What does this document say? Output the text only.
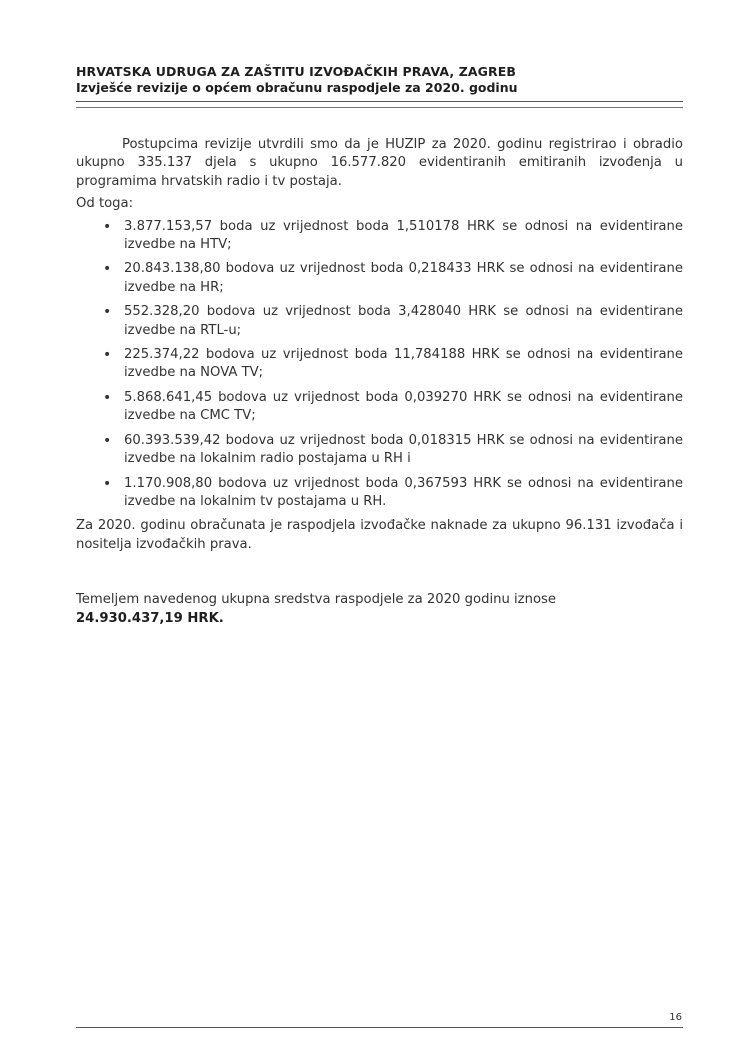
HRVATSKA UDRUGA ZA ZAŠTITU IZVOĐAČKIH PRAVA, ZAGREB
Izvješće revizije o općem obračunu raspodjele za 2020. godinu

Postupcima revizije utvrdili smo da je HUZIP za 2020. godinu registrirao i obradio ukupno 335.137 djela s ukupno 16.577.820 evidentiranih emitiranih izvođenja u programima hrvatskih radio i tv postaja.

Od toga:

• 3.877.153,57 boda uz vrijednost boda 1,510178 HRK se odnosi na evidentirane izvedbe na HTV;
• 20.843.138,80 bodova uz vrijednost boda 0,218433 HRK se odnosi na evidentirane izvedbe na HR;
• 552.328,20 bodova uz vrijednost boda 3,428040 HRK se odnosi na evidentirane izvedbe na RTL-u;
• 225.374,22 bodova uz vrijednost boda 11,784188 HRK se odnosi na evidentirane izvedbe na NOVA TV;
• 5.868.641,45 bodova uz vrijednost boda 0,039270 HRK se odnosi na evidentirane izvedbe na CMC TV;
• 60.393.539,42 bodova uz vrijednost boda 0,018315 HRK se odnosi na evidentirane izvedbe na lokalnim radio postajama u RH i
• 1.170.908,80 bodova uz vrijednost boda 0,367593 HRK se odnosi na evidentirane izvedbe na lokalnim tv postajama u RH.

Za 2020. godinu obračunata je raspodjela izvođačke naknade za ukupno 96.131 izvođača i nositelja izvođačkih prava.

Temeljem navedenog ukupna sredstva raspodjele za 2020 godinu iznose
24.930.437,19 HRK.

16
